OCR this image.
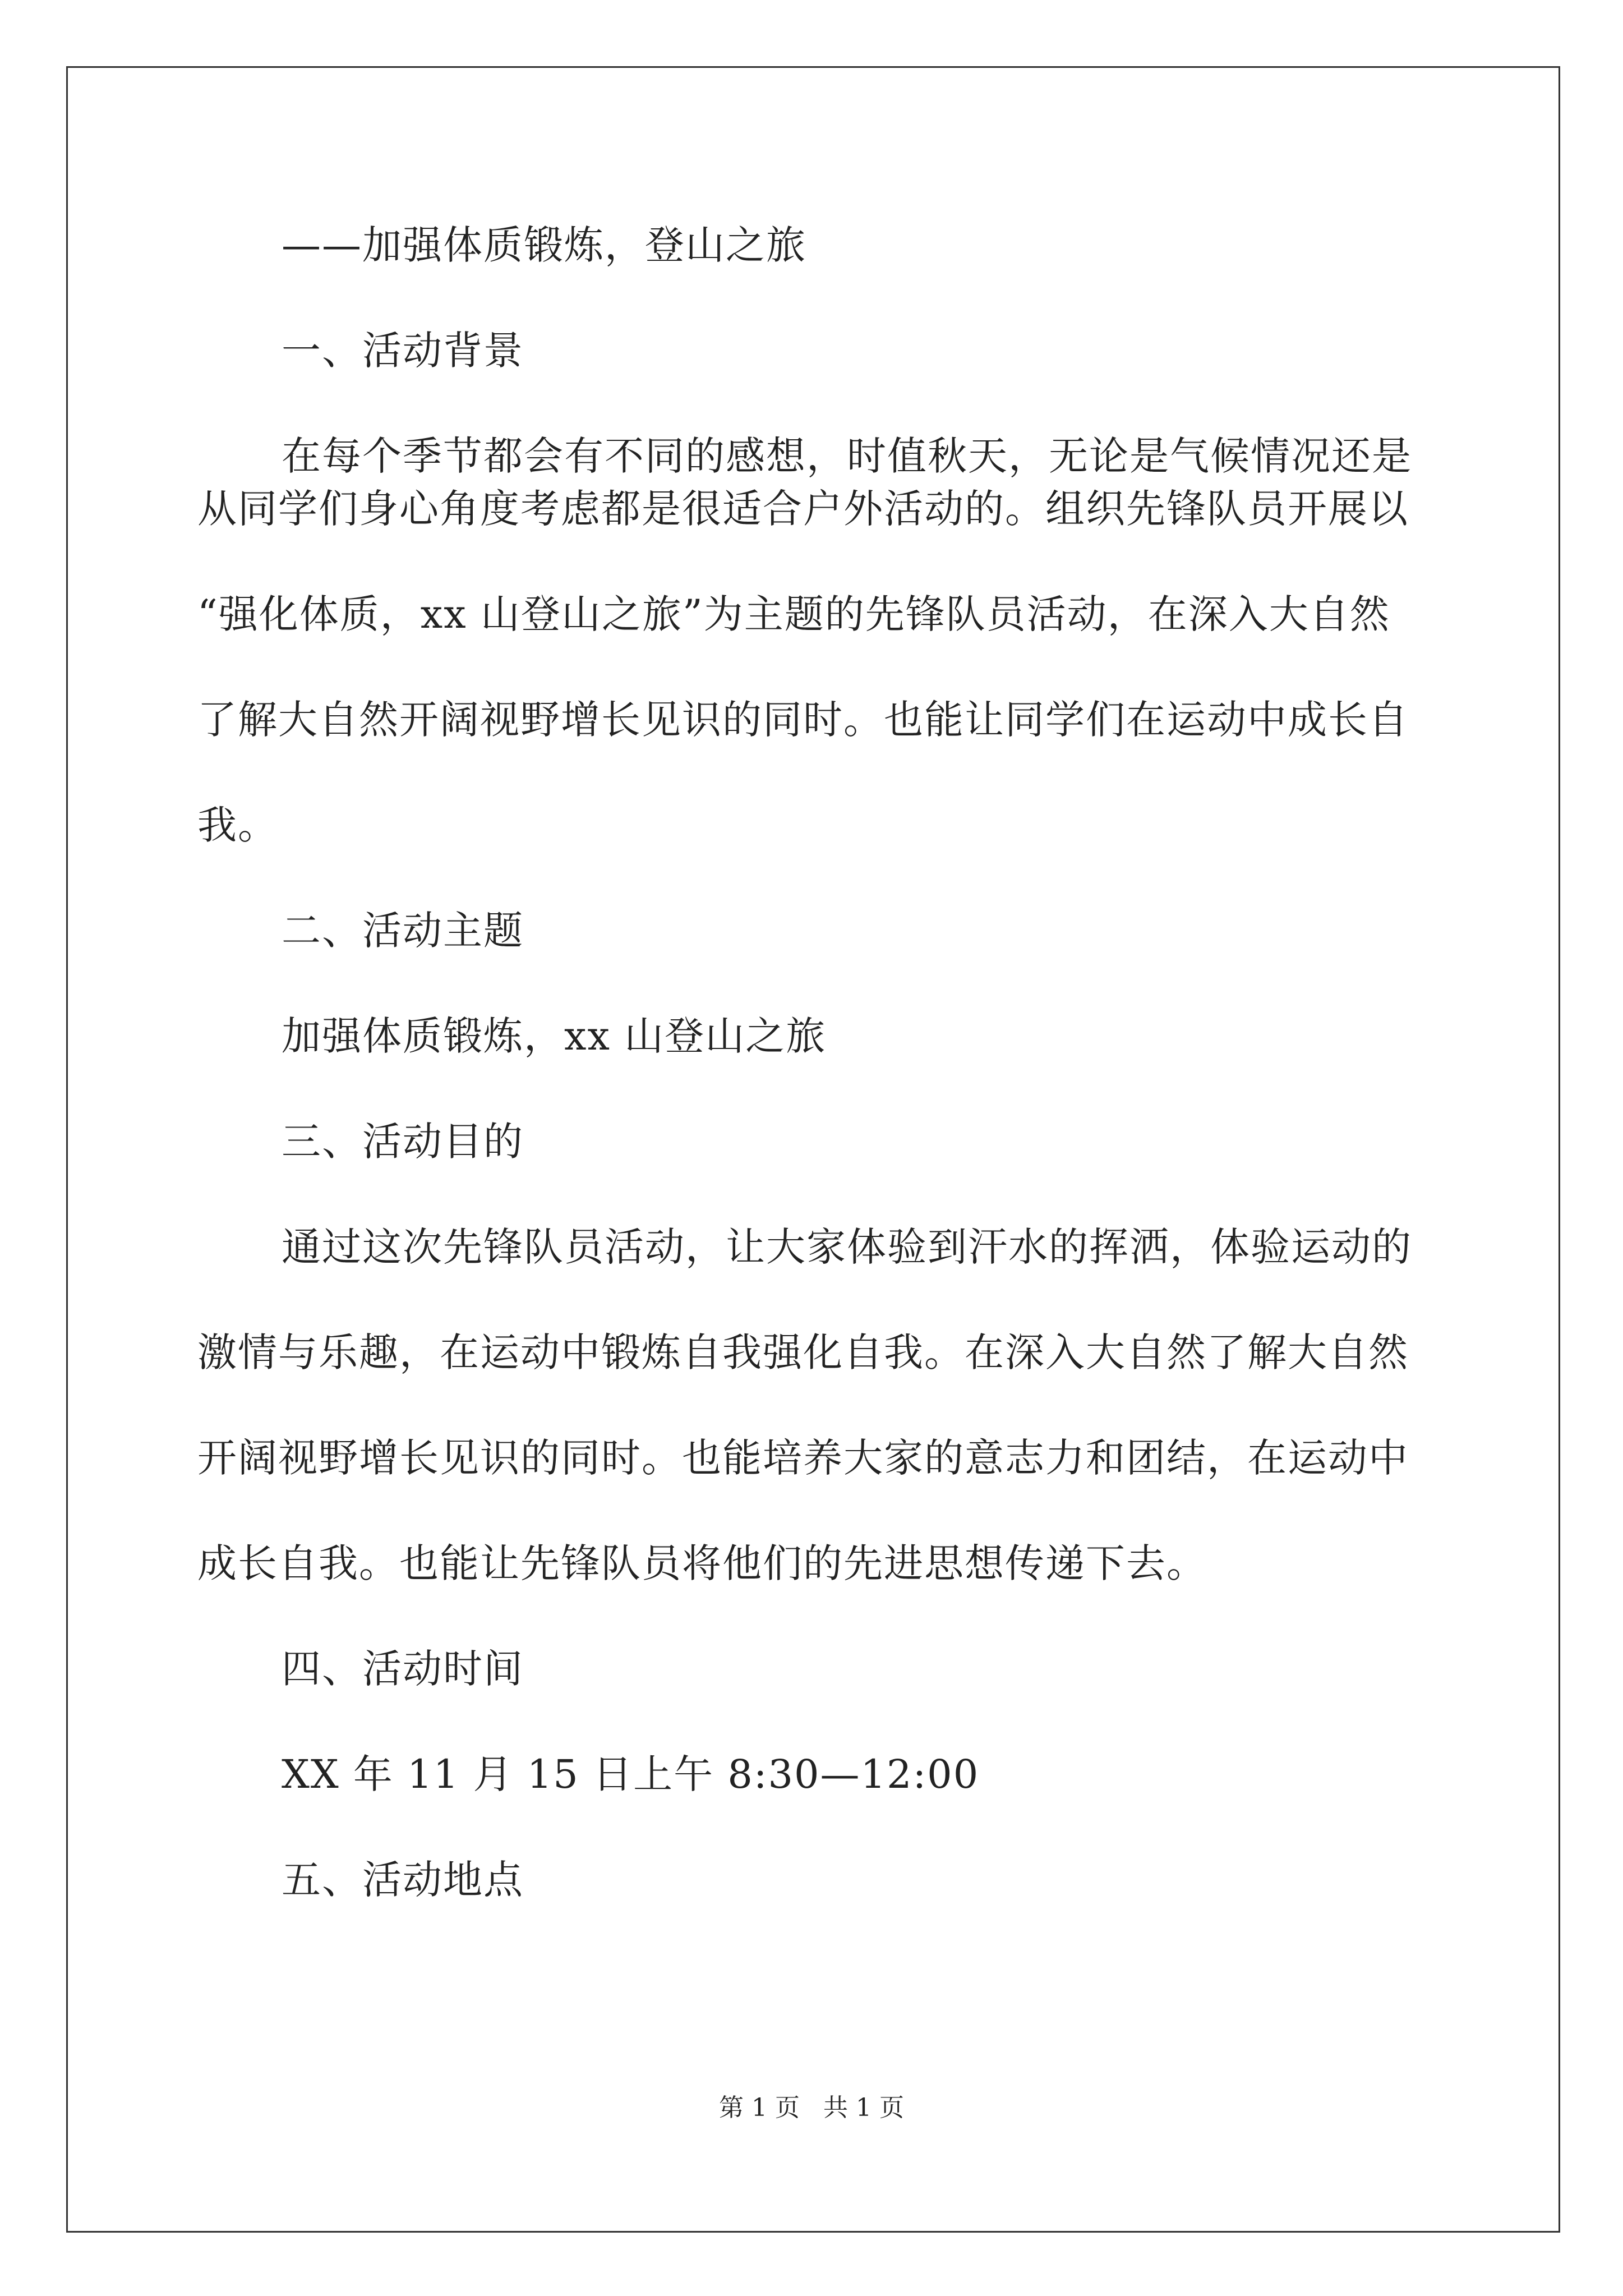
——加强体质锻炼，登山之旅

一、活动背景

在每个季节都会有不同的感想，时值秋天，无论是气候情况还是

从同学们身心角度考虑都是很适合户外活动的。组织先锋队员开展以

“强化体质，xx 山登山之旅”为主题的先锋队员活动，在深入大自然

了解大自然开阔视野增长见识的同时。也能让同学们在运动中成长自

我。

二、活动主题

加强体质锻炼，xx 山登山之旅

三、活动目的

通过这次先锋队员活动，让大家体验到汗水的挥洒，体验运动的

激情与乐趣，在运动中锻炼自我强化自我。在深入大自然了解大自然

开阔视野增长见识的同时。也能培养大家的意志力和团结，在运动中

成长自我。也能让先锋队员将他们的先进思想传递下去。

四、活动时间

XX 年 11 月 15 日上午 8:30—12:00

五、活动地点

第 1 页 共 1 页
